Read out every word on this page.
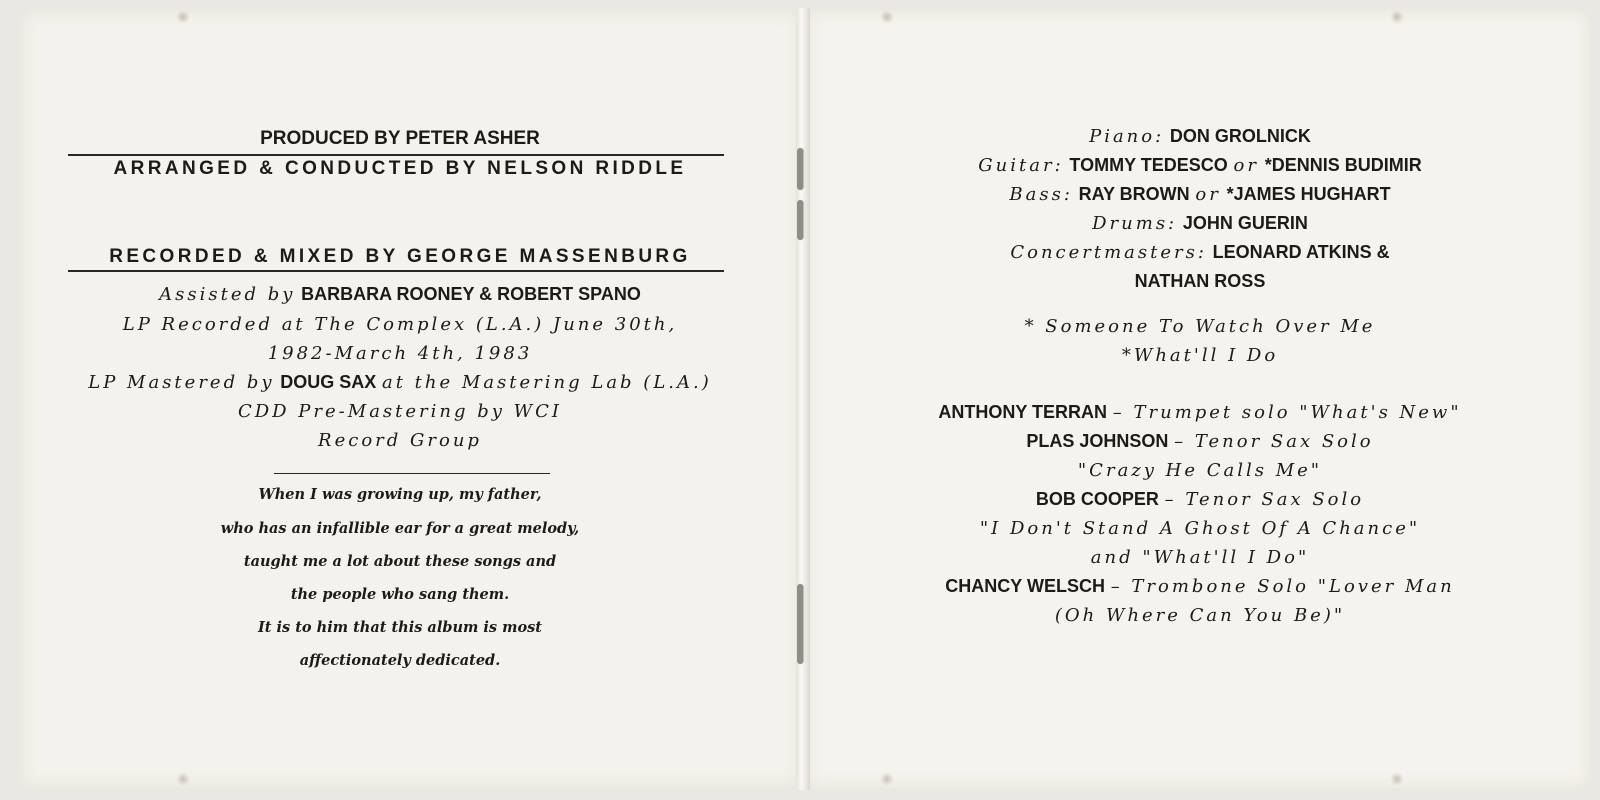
PRODUCED BY PETER ASHER
ARRANGED & CONDUCTED BY NELSON RIDDLE
RECORDED & MIXED BY GEORGE MASSENBURG
Assisted by BARBARA ROONEY & ROBERT SPANO
LP Recorded at The Complex (L.A.) June 30th,
1982-March 4th, 1983
LP Mastered by DOUG SAX at the Mastering Lab (L.A.)
CDD Pre-Mastering by WCI
Record Group
When I was growing up, my father,
who has an infallible ear for a great melody,
taught me a lot about these songs and
the people who sang them.
It is to him that this album is most
affectionately dedicated.
Piano: DON GROLNICK
Guitar: TOMMY TEDESCO or *DENNIS BUDIMIR
Bass: RAY BROWN or *JAMES HUGHART
Drums: JOHN GUERIN
Concertmasters: LEONARD ATKINS &
NATHAN ROSS
* Someone To Watch Over Me
*What'll I Do
ANTHONY TERRAN – Trumpet solo "What's New"
PLAS JOHNSON – Tenor Sax Solo
"Crazy He Calls Me"
BOB COOPER – Tenor Sax Solo
"I Don't Stand A Ghost Of A Chance"
and "What'll I Do"
CHANCY WELSCH – Trombone Solo "Lover Man
(Oh Where Can You Be)"
